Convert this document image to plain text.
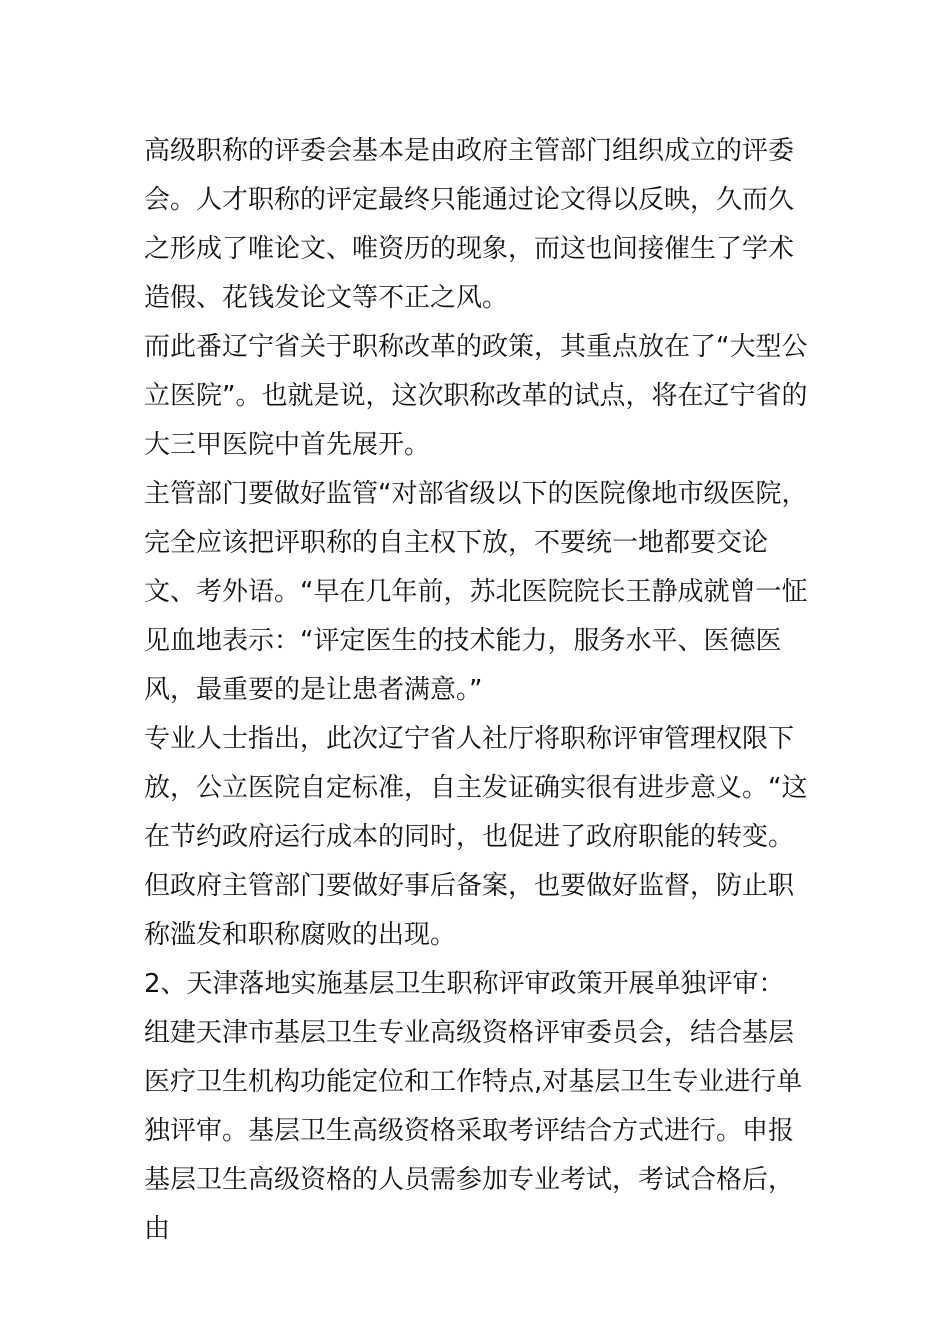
高级职称的评委会基本是由政府主管部门组织成立的评委会。人才职称的评定最终只能通过论文得以反映，久而久之形成了唯论文、唯资历的现象，而这也间接催生了学术造假、花钱发论文等不正之风。

而此番辽宁省关于职称改革的政策，其重点放在了“大型公立医院”。也就是说，这次职称改革的试点，将在辽宁省的大三甲医院中首先展开。

主管部门要做好监管“对部省级以下的医院像地市级医院，完全应该把评职称的自主权下放，不要统一地都要交论文、考外语。“早在几年前，苏北医院院长王静成就曾一怔见血地表示：“评定医生的技术能力，服务水平、医德医风，最重要的是让患者满意。”

专业人士指出，此次辽宁省人社厅将职称评审管理权限下放，公立医院自定标准，自主发证确实很有进步意义。“这在节约政府运行成本的同时，也促进了政府职能的转变。但政府主管部门要做好事后备案，也要做好监督，防止职称滥发和职称腐败的出现。

2、天津落地实施基层卫生职称评审政策开展单独评审：组建天津市基层卫生专业高级资格评审委员会，结合基层医疗卫生机构功能定位和工作特点,对基层卫生专业进行单独评审。基层卫生高级资格采取考评结合方式进行。申报基层卫生高级资格的人员需参加专业考试，考试合格后，由
